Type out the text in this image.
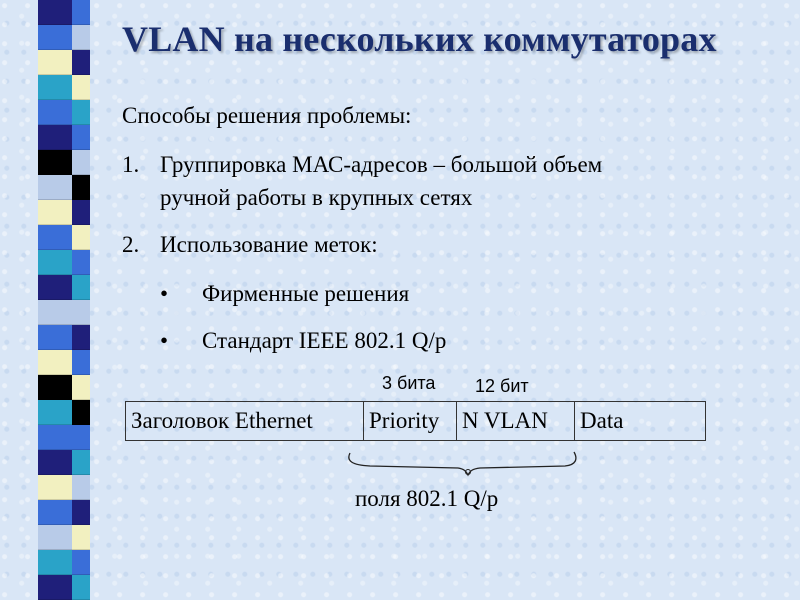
VLAN на нескольких коммутаторах
Способы решения проблемы:
1. Группировка МАС-адресов – большой объем
ручной работы в крупных сетях
2. Использование меток:
• Фирменные решения
• Стандарт IEEE 802.1 Q/p
3 бита 12 бит
Заголовок Ethernet	Priority N VLAN	Data
поля 802.1 Q/p
